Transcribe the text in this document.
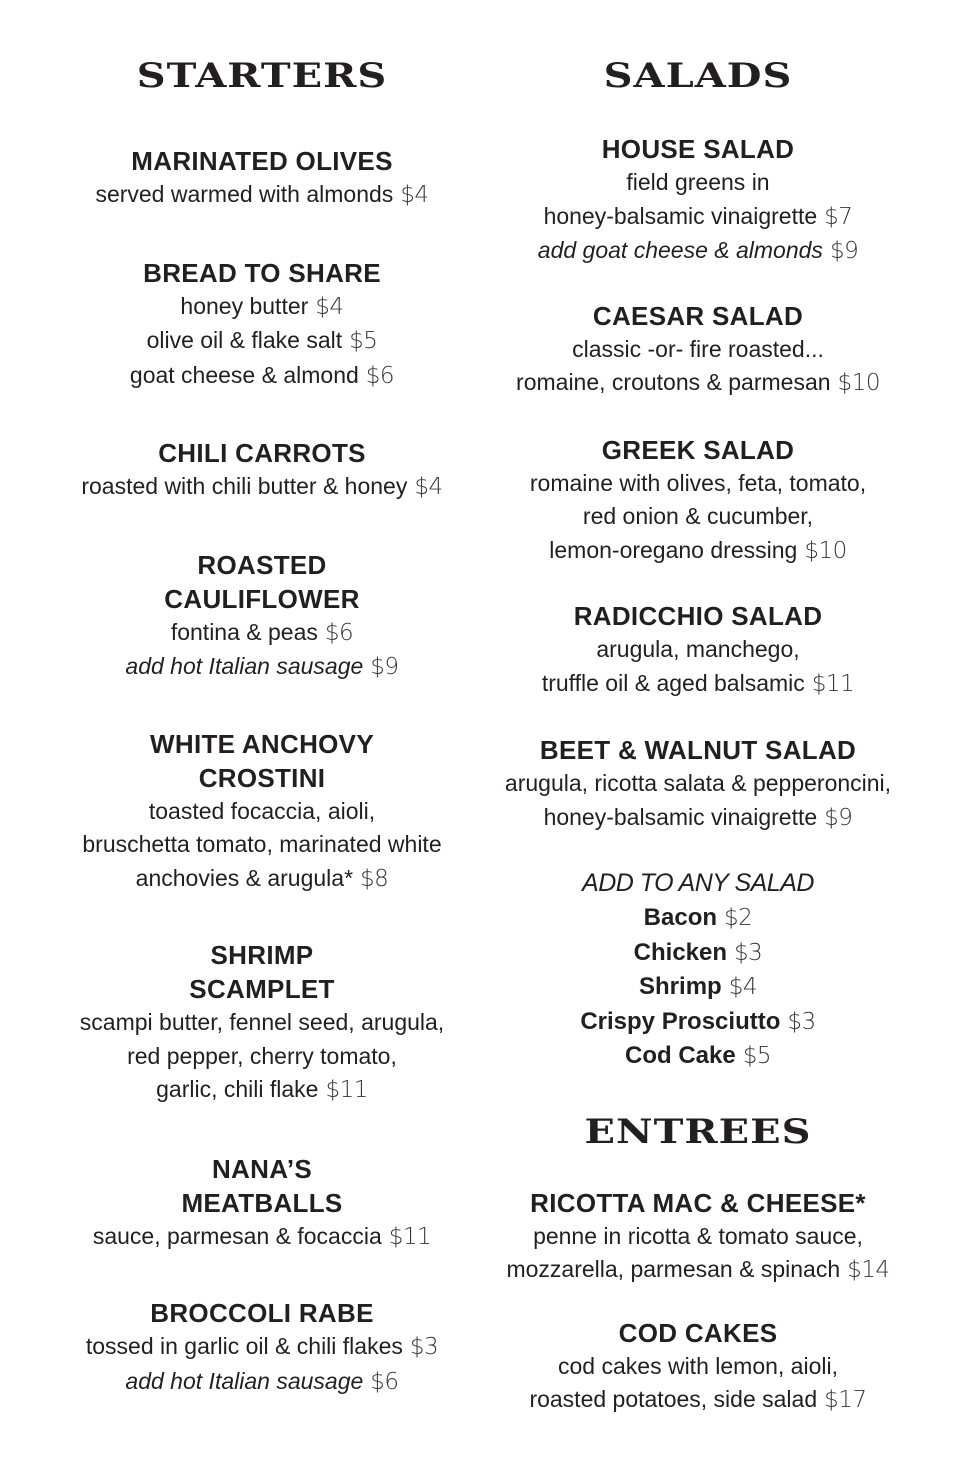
STARTERS
MARINATED OLIVES
served warmed with almonds $4
BREAD TO SHARE
honey butter $4
olive oil & flake salt $5
goat cheese & almond $6
CHILI CARROTS
roasted with chili butter & honey $4
ROASTED
CAULIFLOWER
fontina & peas $6
add hot Italian sausage $9
WHITE ANCHOVY
CROSTINI
toasted focaccia, aioli,
bruschetta tomato, marinated white
anchovies & arugula* $8
SHRIMP
SCAMPLET
scampi butter, fennel seed, arugula,
red pepper, cherry tomato,
garlic, chili flake $11
NANA’S
MEATBALLS
sauce, parmesan & focaccia $11
BROCCOLI RABE
tossed in garlic oil & chili flakes $3
add hot Italian sausage $6
SALADS
HOUSE SALAD
field greens in
honey-balsamic vinaigrette $7
add goat cheese & almonds $9
CAESAR SALAD
classic -or- fire roasted...
romaine, croutons & parmesan $10
GREEK SALAD
romaine with olives, feta, tomato,
red onion & cucumber,
lemon-oregano dressing $10
RADICCHIO SALAD
arugula, manchego,
truffle oil & aged balsamic $11
BEET & WALNUT SALAD
arugula, ricotta salata & pepperoncini,
honey-balsamic vinaigrette $9
ADD TO ANY SALAD
Bacon $2
Chicken $3
Shrimp $4
Crispy Prosciutto $3
Cod Cake $5
ENTREES
RICOTTA MAC & CHEESE*
penne in ricotta & tomato sauce,
mozzarella, parmesan & spinach $14
COD CAKES
cod cakes with lemon, aioli,
roasted potatoes, side salad $17
